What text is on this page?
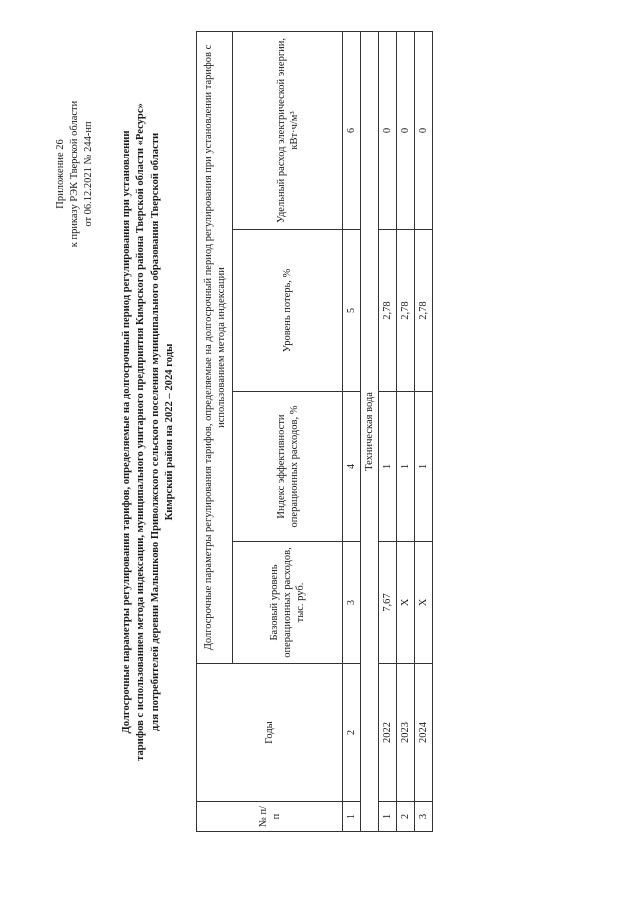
Приложение 26 к приказу РЭК Тверской области от 06.12.2021 № 244-нп	Долгосрочные параметры регулирования тарифов, определяемые на долгосрочный период регулирования при установлении тарифов с использованием метода индексации, муниципального унитарного предприятия Кимрского района Тверской области «Ресурс» для потребителей деревни Малышково Приволжского сельского поселения муниципального образования Тверской области Кимрский район на 2022 – 2024 годы
№ п/п	Годы	Долгосрочные параметры регулирования тарифов, определяемые на долгосрочный период регулирования при установлении тарифов с использованием метода индексации			
		Базовый уровень операционных расходов, тыс. руб.	Индекс эффективности операционных расходов, %	Уровень потерь, %	Удельный расход электрической энергии, кВт·ч/м³
1	2	3	4	5	6
Техническая вода					
1	2022	7,67	1	2,78	0
2	2023	Х	1	2,78	0
3	2024	Х	1	2,78	0
